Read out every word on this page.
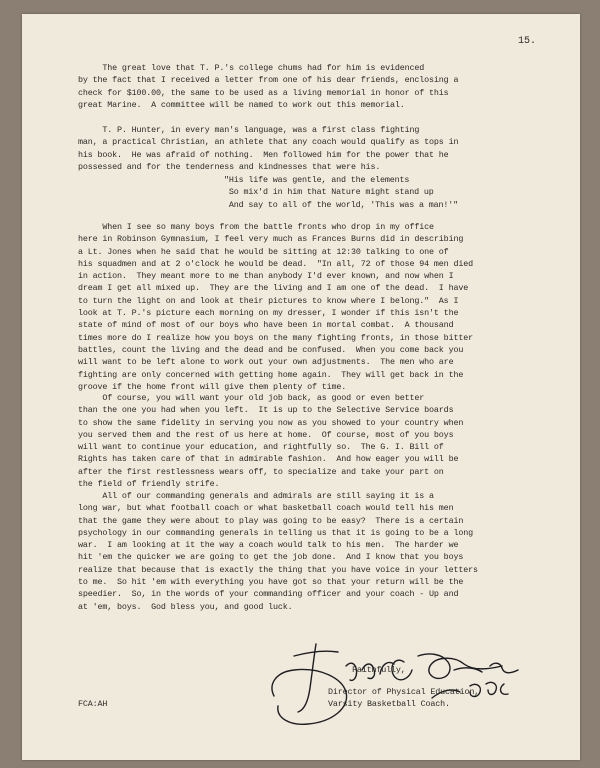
15.
The great love that T. P.'s college chums had for him is evidenced
by the fact that I received a letter from one of his dear friends, enclosing a
check for $100.00, the same to be used as a living memorial in honor of this
great Marine.  A committee will be named to work out this memorial.
T. P. Hunter, in every man's language, was a first class fighting
man, a practical Christian, an athlete that any coach would qualify as tops in
his book.  He was afraid of nothing.  Men followed him for the power that he
possessed and for the tenderness and kindnesses that were his.
"His life was gentle, and the elements
So mix'd in him that Nature might stand up
And say to all of the world, 'This was a man!'"
When I see so many boys from the battle fronts who drop in my office
here in Robinson Gymnasium, I feel very much as Frances Burns did in describing
a Lt. Jones when he said that he would be sitting at 12:30 talking to one of
his squadmen and at 2 o'clock he would be dead.  "In all, 72 of those 94 men died
in action.  They meant more to me than anybody I'd ever known, and now when I
dream I get all mixed up.  They are the living and I am one of the dead.  I have
to turn the light on and look at their pictures to know where I belong."  As I
look at T. P.'s picture each morning on my dresser, I wonder if this isn't the
state of mind of most of our boys who have been in mortal combat.  A thousand
times more do I realize how you boys on the many fighting fronts, in those bitter
battles, count the living and the dead and be confused.  When you come back you
will want to be left alone to work out your own adjustments.  The men who are
fighting are only concerned with getting home again.  They will get back in the
groove if the home front will give them plenty of time.
Of course, you will want your old job back, as good or even better
than the one you had when you left.  It is up to the Selective Service boards
to show the same fidelity in serving you now as you showed to your country when
you served them and the rest of us here at home.  Of course, most of you boys
will want to continue your education, and rightfully so.  The G. I. Bill of
Rights has taken care of that in admirable fashion.  And how eager you will be
after the first restlessness wears off, to specialize and take your part on
the field of friendly strife.
All of our commanding generals and admirals are still saying it is a
long war, but what football coach or what basketball coach would tell his men
that the game they were about to play was going to be easy?  There is a certain
psychology in our commanding generals in telling us that it is going to be a long
war.  I am looking at it the way a coach would talk to his men.  The harder we
hit 'em the quicker we are going to get the job done.  And I know that you boys
realize that because that is exactly the thing that you have voice in your letters
to me.  So hit 'em with everything you have got so that your return will be the
speedier.  So, in the words of your commanding officer and your coach - Up and
at 'em, boys.  God bless you, and good luck.
Faithfully,
Director of Physical Education,
Varsity Basketball Coach.
FCA:AH
